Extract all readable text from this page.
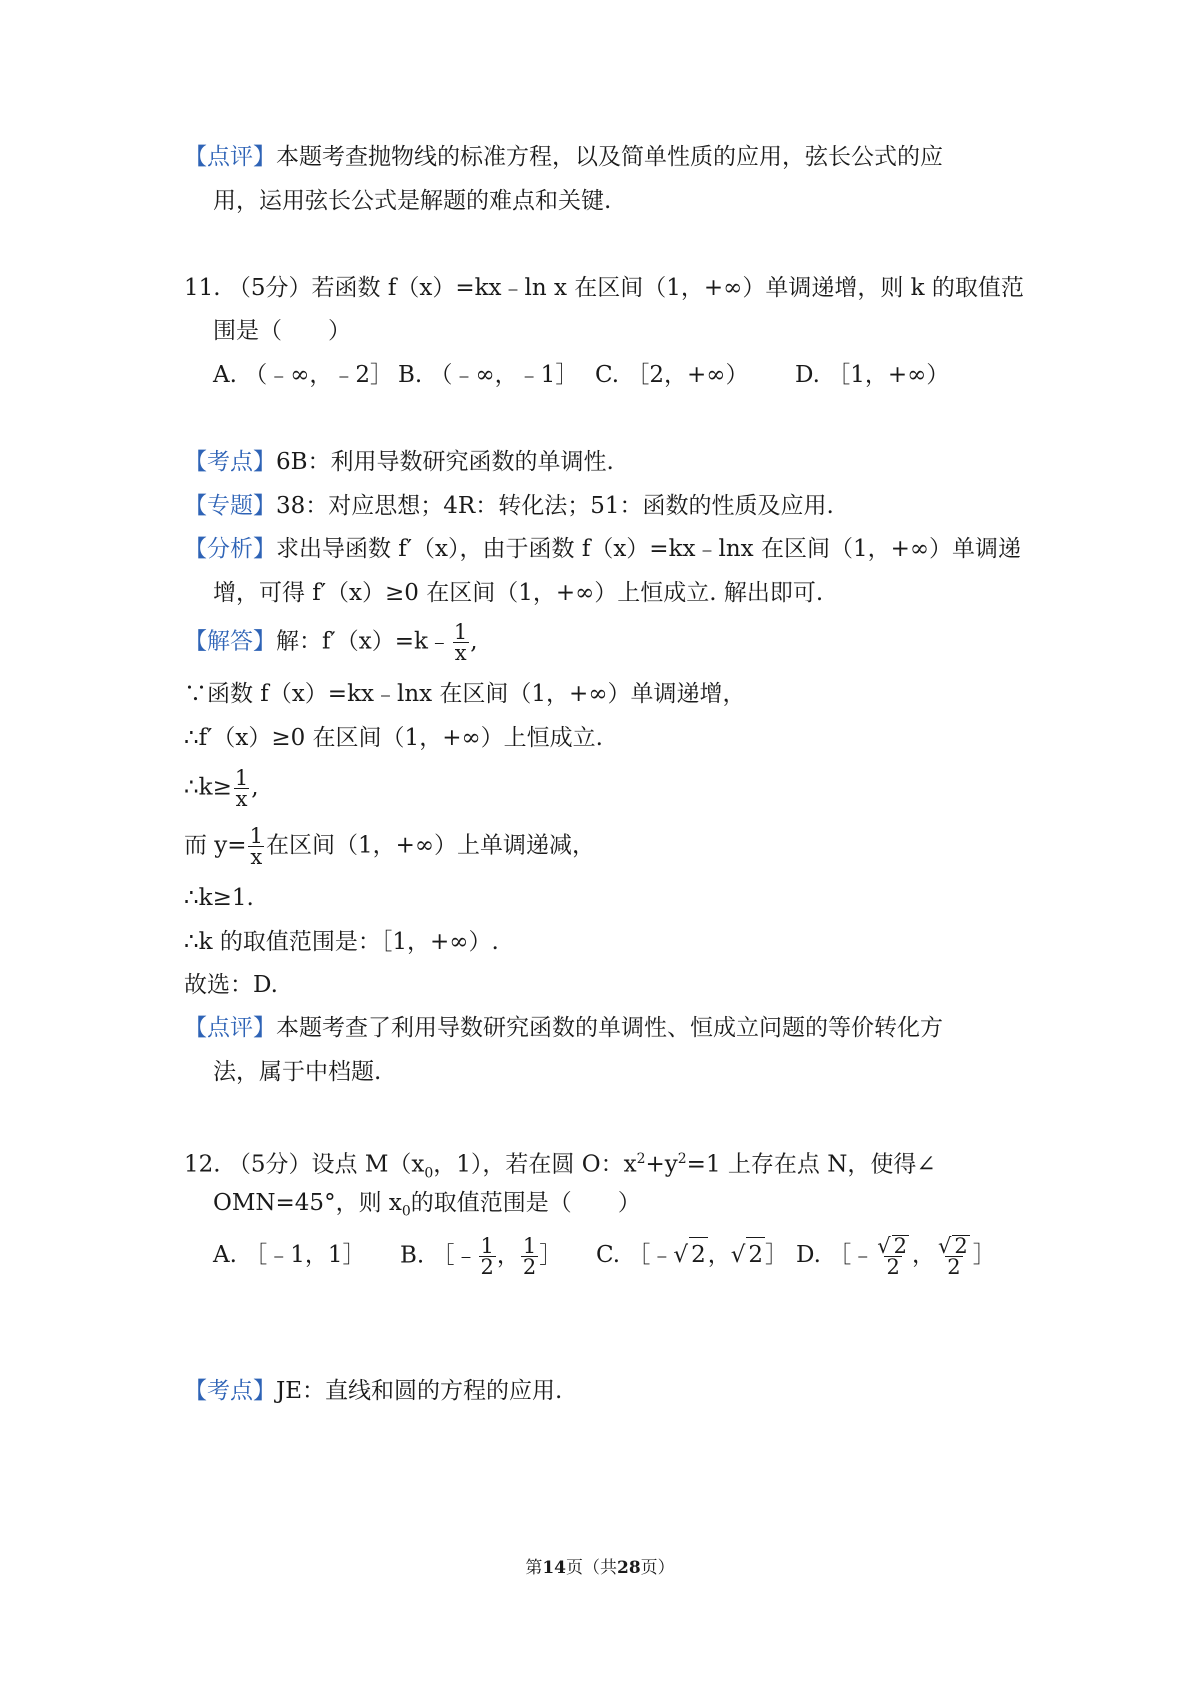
【点评】本题考查抛物线的标准方程，以及简单性质的应用，弦长公式的应
用，运用弦长公式是解题的难点和关键.
11. （5分）若函数 f（x）=kx﹣ln x 在区间（1，+∞）单调递增，则 k 的取值范
围是（　　）
A. （﹣∞，﹣2］ B. （﹣∞，﹣1］ C. ［2，+∞） D. ［1，+∞）
【考点】6B：利用导数研究函数的单调性.
【专题】38：对应思想；4R：转化法；51：函数的性质及应用.
【分析】求出导函数 f′（x），由于函数 f（x）=kx﹣lnx 在区间（1，+∞）单调递
增，可得 f′（x）≥0 在区间（1，+∞）上恒成立. 解出即可.
【解答】解：f′（x）=k﹣ $\frac{1}{x}$ ,
∵函数 f（x）=kx﹣lnx 在区间（1，+∞）单调递增，
∴f′（x）≥0 在区间（1，+∞）上恒成立.
∴k≥ $\frac{1}{x}$ ,
而 $y= \frac{1}{x}$ 在区间（1，+∞）上单调递减，
∴k≥1.
∴k 的取值范围是：［1，+∞）.
故选：D.
【点评】本题考查了利用导数研究函数的单调性、恒成立问题的等价转化方
法，属于中档题.
12. （5分）设点 $M(x_0$，1），若在圆 O：$x^2+y^2=1$ 上存在点 N，使得∠
OMN=45°，则 $x_0$的取值范围是（　　）
A. ［﹣1，1］ B. ［﹣ $\frac{1}{2}$ ， $\frac{1}{2}$ ］ C. ［﹣√ 2，√ 2］ D. ［﹣ $\frac{√ 2}{2}$ ， $\frac{√ 2}{2}$ ］
【考点】JE：直线和圆的方程的应用.
第14页（共28页）
